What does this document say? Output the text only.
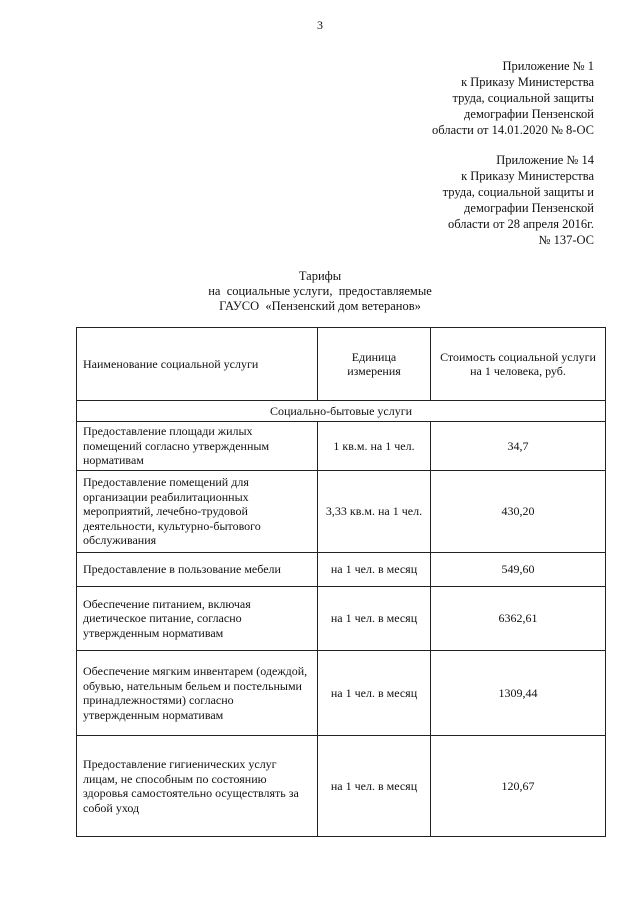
3
Приложение № 1
к Приказу Министерства
труда, социальной защиты
демографии Пензенской
области от 14.01.2020 № 8-ОС
Приложение № 14
к Приказу Министерства
труда, социальной защиты и
демографии Пензенской
области от 28 апреля 2016г.
№ 137-ОС
Тарифы
на  социальные услуги,  предоставляемые
ГАУСО  «Пензенский дом ветеранов»
Наименование социальной услуги	Единица измерения	Стоимость социальной услуги на 1 человека, руб.
Социально-бытовые услуги		
Предоставление площади жилых помещений согласно утвержденным нормативам	1 кв.м. на 1 чел.	34,7
Предоставление помещений для организации реабилитационных мероприятий, лечебно-трудовой деятельности, культурно-бытового обслуживания	3,33 кв.м. на 1 чел.	430,20
Предоставление в пользование мебели	на 1 чел. в месяц	549,60
Обеспечение питанием, включая диетическое питание, согласно утвержденным нормативам	на 1 чел. в месяц	6362,61
Обеспечение мягким инвентарем (одеждой, обувью, нательным бельем и постельными принадлежностями) согласно утвержденным нормативам	на 1 чел. в месяц	1309,44
Предоставление гигиенических услуг лицам, не способным по состоянию здоровья самостоятельно осуществлять за собой уход	на 1 чел. в месяц	120,67
